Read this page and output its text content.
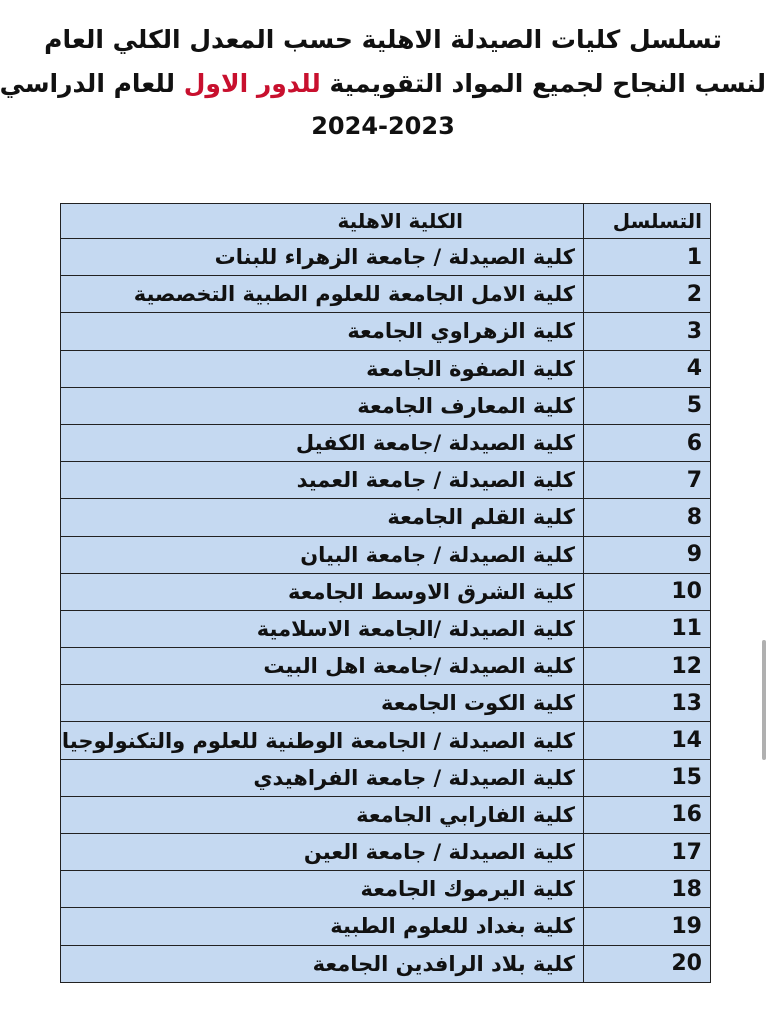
تسلسل كليات الصيدلة الاهلية حسب المعدل الكلي العام
لنسب النجاح لجميع المواد التقويمية للدور الاول للعام الدراسي
2024-2023
التسلسل	الكلية الاهلية
1	كلية الصيدلة / جامعة الزهراء للبنات
2	كلية الامل الجامعة للعلوم الطبية التخصصية
3	كلية الزهراوي الجامعة
4	كلية الصفوة الجامعة
5	كلية المعارف الجامعة
6	كلية الصيدلة /جامعة الكفيل
7	كلية الصيدلة / جامعة العميد
8	كلية القلم الجامعة
9	كلية الصيدلة / جامعة البيان
10	كلية الشرق الاوسط الجامعة
11	كلية الصيدلة /الجامعة الاسلامية
12	كلية الصيدلة /جامعة اهل البيت
13	كلية الكوت الجامعة
14	كلية الصيدلة / الجامعة الوطنية للعلوم والتكنولوجيا
15	كلية الصيدلة / جامعة الفراهيدي
16	كلية الفارابي الجامعة
17	كلية الصيدلة / جامعة العين
18	كلية اليرموك الجامعة
19	كلية بغداد للعلوم الطبية
20	كلية بلاد الرافدين الجامعة
